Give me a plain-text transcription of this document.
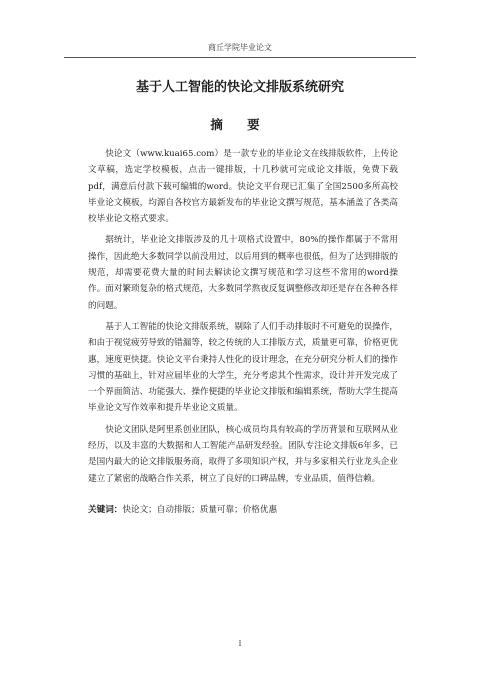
商丘学院毕业论文
基于人工智能的快论文排版系统研究
摘 要

快论文（www.kuai65.com）是一款专业的毕业论文在线排版软件，上传论文草稿，选定学校模板，点击一键排版，十几秒就可完成论文排版，免费下载pdf，满意后付款下载可编辑的word。快论文平台现已汇集了全国2500多所高校毕业论文模板，均源自各校官方最新发布的毕业论文撰写规范，基本涵盖了各类高校毕业论文格式要求。

据统计，毕业论文排版涉及的几十项格式设置中，80%的操作都属于不常用操作，因此绝大多数同学以前没用过，以后用到的概率也很低，但为了达到排版的规范，却需要花费大量的时间去解读论文撰写规范和学习这些不常用的word操作。面对繁琐复杂的格式规范，大多数同学熬夜反复调整修改却还是存在各种各样的问题。

基于人工智能的快论文排版系统，剔除了人们手动排版时不可避免的误操作，和由于视觉疲劳导致的错漏等，较之传统的人工排版方式，质量更可靠，价格更优惠，速度更快捷。快论文平台秉持人性化的设计理念，在充分研究分析人们的操作习惯的基础上，针对应届毕业的大学生，充分考虑其个性需求，设计并开发完成了一个界面简洁、功能强大、操作便捷的毕业论文排版和编辑系统，帮助大学生提高毕业论文写作效率和提升毕业论文质量。

快论文团队是阿里系创业团队，核心成员均具有较高的学历背景和互联网从业经历，以及丰富的大数据和人工智能产品研发经验。团队专注论文排版6年多，已是国内最大的论文排版服务商，取得了多项知识产权，并与多家相关行业龙头企业建立了紧密的战略合作关系，树立了良好的口碑品牌，专业品质，值得信赖。

关键词：快论文；自动排版；质量可靠；价格优惠
I
